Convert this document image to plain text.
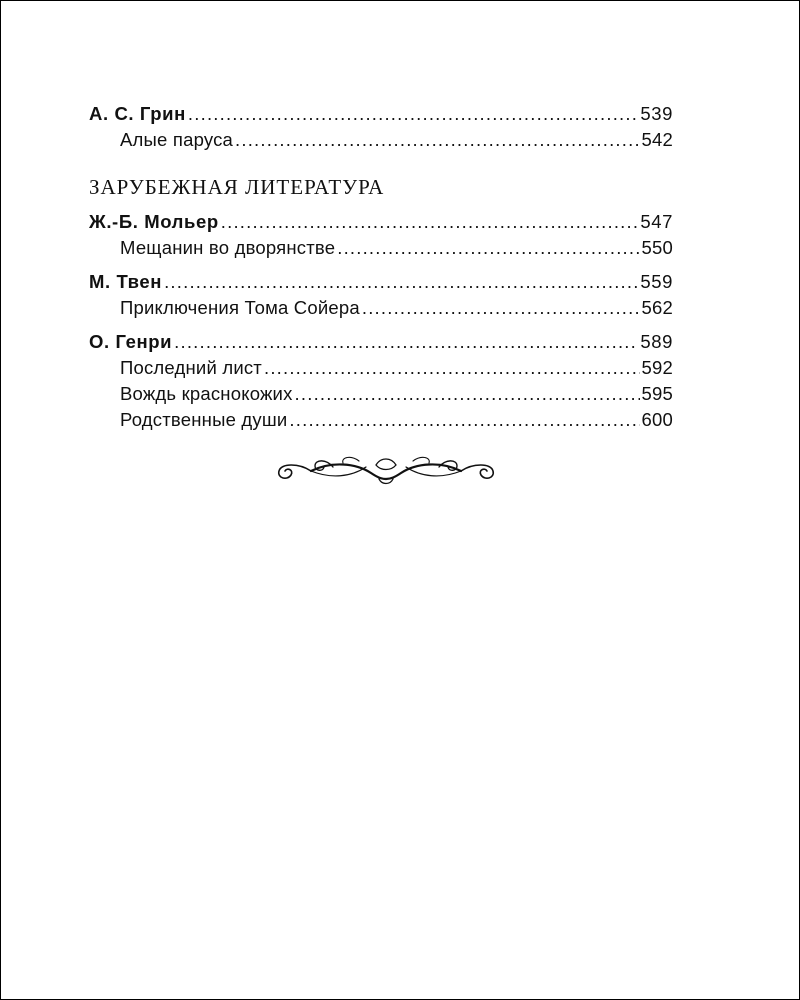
А. С. Грин .....	539
Алые паруса .....	542
ЗАРУБЕЖНАЯ ЛИТЕРАТУРА
Ж.-Б. Мольер .....	547
Мещанин во дворянстве .....	550
М. Твен .....	559
Приключения Тома Сойера .....	562
О. Генри .....	589
Последний лист .....	592
Вождь краснокожих .....	595
Родственные души .....	600
